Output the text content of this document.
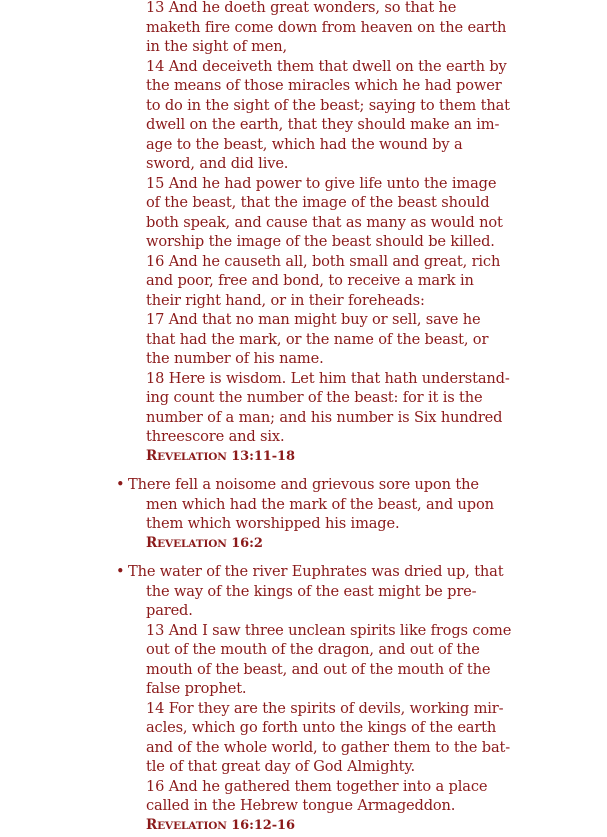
13 And he doeth great wonders, so that he
maketh fire come down from heaven on the earth
in the sight of men,
14 And deceiveth them that dwell on the earth by
the means of those miracles which he had power
to do in the sight of the beast; saying to them that
dwell on the earth, that they should make an im-
age to the beast, which had the wound by a
sword, and did live.
15 And he had power to give life unto the image
of the beast, that the image of the beast should
both speak, and cause that as many as would not
worship the image of the beast should be killed.
16 And he causeth all, both small and great, rich
and poor, free and bond, to receive a mark in
their right hand, or in their foreheads:
17 And that no man might buy or sell, save he
that had the mark, or the name of the beast, or
the number of his name.
18 Here is wisdom. Let him that hath understand-
ing count the number of the beast: for it is the
number of a man; and his number is Six hundred
threescore and six.
REVELATION 13:11-18
• There fell a noisome and grievous sore upon the
men which had the mark of the beast, and upon
them which worshipped his image.
REVELATION 16:2
• The water of the river Euphrates was dried up, that
the way of the kings of the east might be pre-
pared.
13 And I saw three unclean spirits like frogs come
out of the mouth of the dragon, and out of the
mouth of the beast, and out of the mouth of the
false prophet.
14 For they are the spirits of devils, working mir-
acles, which go forth unto the kings of the earth
and of the whole world, to gather them to the bat-
tle of that great day of God Almighty.
16 And he gathered them together into a place
called in the Hebrew tongue Armageddon.
REVELATION 16:12-16
